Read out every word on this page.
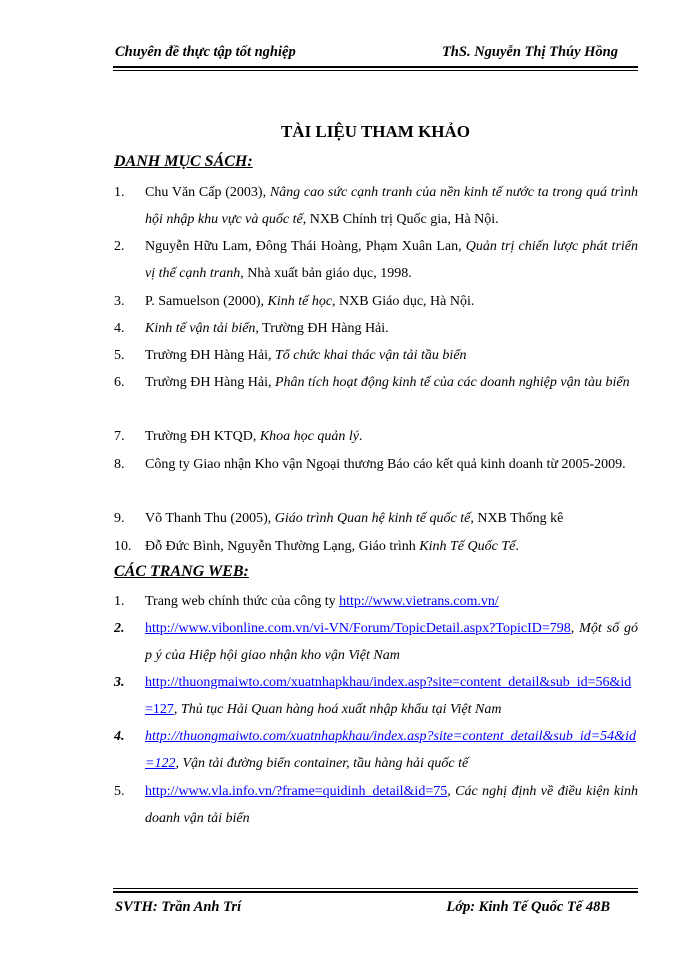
Chuyên đề thực tập tốt nghiệp	ThS. Nguyễn Thị Thúy Hồng
TÀI LIỆU THAM KHẢO
DANH MỤC SÁCH:
1.	Chu Văn Cấp (2003), Nâng cao sức cạnh tranh của nền kinh tế nước ta trong quá trình hội nhập khu vực và quốc tế, NXB Chính trị Quốc gia, Hà Nội.
2.	Nguyễn Hữu Lam, Đông Thái Hoàng, Phạm Xuân Lan, Quản trị chiến lược phát triển vị thế cạnh tranh, Nhà xuất bản giáo dục, 1998.
3.	P. Samuelson (2000), Kinh tế học, NXB Giáo dục, Hà Nội.
4.	Kinh tế vận tải biển, Trường ĐH Hàng Hải.
5.	Trường ĐH Hàng Hải, Tổ chức khai thác vận tải tầu biển
6.	Trường ĐH Hàng Hải, Phân tích hoạt động kinh tế của các doanh nghiệp vận tàu biển
7.	Trường ĐH KTQD, Khoa học quản lý.
8.	Công ty Giao nhận Kho vận Ngoại thương Báo cáo kết quả kinh doanh từ 2005-2009.
9.	Võ Thanh Thu (2005), Giáo trình Quan hệ kinh tế quốc tế, NXB Thống kê
10. Đỗ Đức Bình, Nguyễn Thường Lạng, Giáo trình Kinh Tế Quốc Tế.
CÁC TRANG WEB:
1.	Trang web chính thức của công ty http://www.vietrans.com.vn/
2.	http://www.vibonline.com.vn/vi-VN/Forum/TopicDetail.aspx?TopicID=798, Một số góp ý của Hiệp hội giao nhận kho vận Việt Nam
3.	http://thuongmaiwto.com/xuatnhapkhau/index.asp?site=content_detail&sub_id=56&id=127, Thủ tục Hải Quan hàng hoá xuất nhập khẩu tại Việt Nam
4.	http://thuongmaiwto.com/xuatnhapkhau/index.asp?site=content_detail&sub_id=54&id=122, Vận tải đường biển container, tầu hàng hải quốc tế
5.	http://www.vla.info.vn/?frame=quidinh_detail&id=75, Các nghị định về điều kiện kinh doanh vận tải biển
SVTH: Trần Anh Trí	Lớp: Kinh Tế Quốc Tế 48B
